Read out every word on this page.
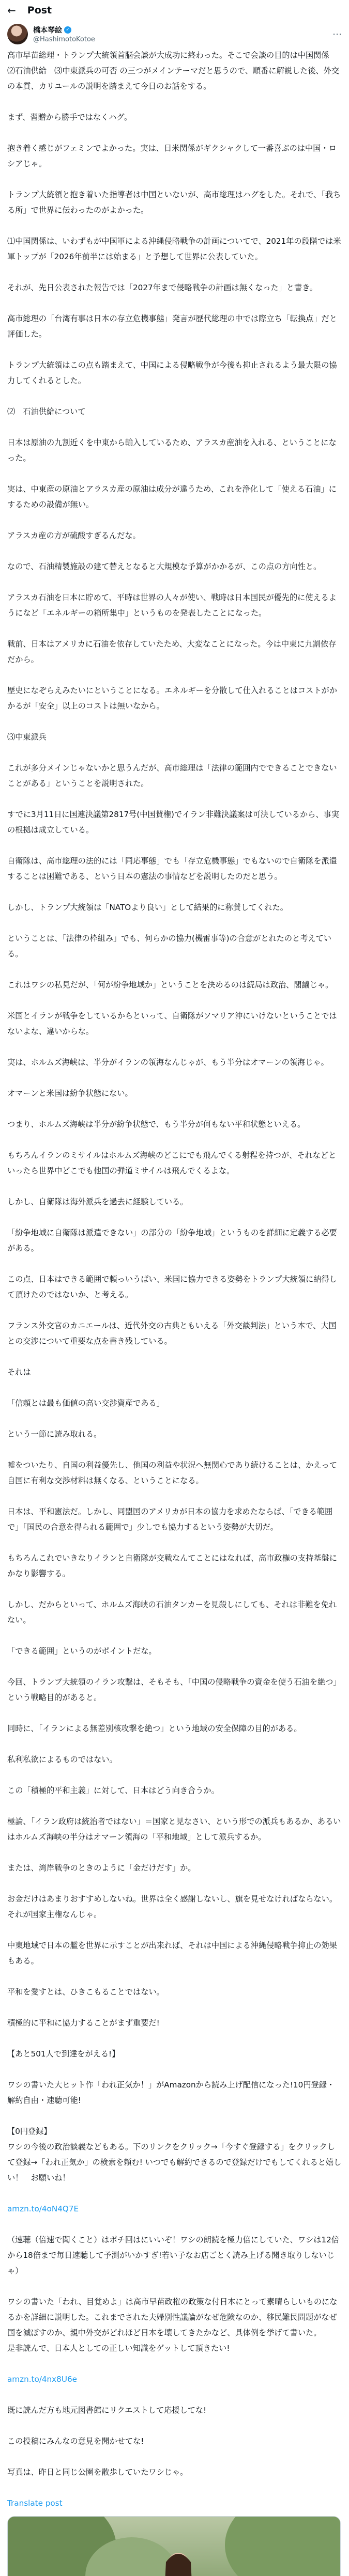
← Post
橋本琴絵 ✓
@HashimotoKotoe	⋯
高市早苗総理・トランプ大統領首脳会談が大成功に終わった。そこで会談の目的は中国関係　⑵石油供給　⑶中東派兵の可否 の三つがメインテーマだと思うので、順番に解説した後、外交の本質、カリユールの説明を踏まえて今日のお話をする。
まず、習贈から勝手ではなくハグ。
抱き着く感じがフェミンでよかった。実は、日米関係がギクシャクして一番喜ぶのは中国・ロシアじゃ。
トランプ大統領と抱き着いた指導者は中国といないが、高市総理はハグをした。それで、「我ちる所」で世界に伝わったのがよかった。
⑴中国関係は、いわずもが中国軍による沖縄侵略戦争の計画についてで、2021年の段階では米軍トップが「2026年前半には始まる」と予想して世界に公表していた。
それが、先日公表された報告では「2027年まで侵略戦争の計画は無くなった」と書き。
高市総理の「台湾有事は日本の存立危機事態」発言が歴代総理の中では際立ち「転換点」だと評価した。
トランプ大統領はこの点も踏まえて、中国による侵略戦争が今後も抑止されるよう最大限の協力してくれるとした。
⑵　石油供給について
日本は原油の九割近くを中東から輸入しているため、アラスカ産油を入れる、ということになった。
実は、中東産の原油とアラスカ産の原油は成分が違うため、これを浄化して「使える石油」にするための設備が無い。
アラスカ産の方が硫酸すぎるんだな。
なので、石油精製施設の建て替えとなると大規模な予算がかかるが、この点の方向性と。
アラスカ石油を日本に貯めて、平時は世界の人々が使い、戦時は日本国民が優先的に使えるようになど「エネルギーの箱所集中」というものを発表したことになった。
戦前、日本はアメリカに石油を依存していたため、大変なことになった。今は中東に九割依存だから。
歴史になぞらえみたいにということになる。エネルギーを分散して仕入れることはコストがかかるが「安全」以上のコストは無いなから。
⑶中東派兵
これが多分メインじゃないかと思うんだが、高市総理は「法律の範囲内でできることできないことがある」ということを説明された。
すでに3月11日に国連決議第2817号(中国賛権)でイラン非難決議案は可決しているから、事実の根拠は成立している。
自衛隊は、高市総理の法的には「同応事態」でも「存立危機事態」でもないので自衛隊を派遣することは困難である、という日本の憲法の事情などを説明したのだと思う。
しかし、トランプ大統領は「NATOより良い」として結果的に称賛してくれた。
ということは、「法律の枠組み」でも、何らかの協力(機雷事等)の合意がとれたのと考えている。
これはワシの私見だが、「何が紛争地域か」ということを決めるのは続局は政治、閣議じゃ。
米国とイランが戦争をしているからといって、自衛隊がソマリア沖にいけないということではないよな、違いからな。
実は、ホルムズ海峡は、半分がイランの領海なんじゃが、もう半分はオマーンの領海じゃ。
オマーンと米国は紛争状態にない。
つまり、ホルムズ海峡は半分が紛争状態で、もう半分が何もない平和状態といえる。
もちろんイランのミサイルはホルムズ海峡のどこにでも飛んでくる射程を持つが、それなどといったら世界中どこでも他国の弾道ミサイルは飛んでくるよな。
しかし、自衛隊は海外派兵を過去に経験している。
「紛争地域に自衛隊は派遣できない」の部分の「紛争地域」というものを詳細に定義する必要がある。
この点、日本はできる範囲で頼っいうぱい、米国に協力できる姿勢をトランプ大統領に納得して頂けたのではないか、と考える。
フランス外交官のカニエールは、近代外交の古典ともいえる「外交談判法」という本で、大国との交渉について重要な点を書き残している。
それは
「信頼とは最も価値の高い交渉資産である」
という一節に読み取れる。
嘘をついたり、自国の利益優先し、他国の利益や状況へ無関心であり続けることは、かえって自国に有利な交渉材料は無くなる、ということになる。
日本は、平和憲法だ。しかし、同盟国のアメリカが日本の協力を求めたならば、「できる範囲で」「国民の合意を得られる範囲で」少しでも協力するという姿勢が大切だ。
もちろんこれでいきなりイランと自衛隊が交戦なんてことにはなれば、高市政権の支持基盤にかなり影響する。
しかし、だからといって、ホルムズ海峡の石油タンカーを見殺しにしても、それは非難を免れない。
「できる範囲」というのがポイントだな。
今回、トランプ大統領のイラン攻撃は、そもそも、「中国の侵略戦争の資金を使う石油を絶つ」という戦略目的があると。
同時に、「イランによる無差別核攻撃を絶つ」という地域の安全保障の目的がある。
私利私欲によるものではない。
この「積極的平和主義」に対して、日本はどう向き合うか。
極論、「イラン政府は統治者ではない」＝国家と見なさい、という形での派兵もあるか、あるいはホルムズ海峡の半分はオマーン領海の「平和地域」として派兵するか。
または、湾岸戦争のときのように「金だけだす」か。
お金だけはあまりおすすめしないね。世界は全く感謝しないし、旗を見せなければならない。それが国家主権なんじゃ。
中東地域で日本の艦を世界に示すことが出来れば、それは中国による沖縄侵略戦争抑止の効果もある。
平和を愛すとは、ひきこもることではない。
積極的に平和に協力することがまず重要だ!
【あと501人で到達をがえる!】
ワシの書いた大ヒット作「われ正気か！」がAmazonから読み上げ配信になった!10円登録・解約自由・速聴可能!
【0円登録】
ワシの今後の政治談義などもある。下のリンクをクリック→「今すぐ登録する」をクリックして登録→「われ正気か」の検索を頼む! いつでも解約できるので登録だけでもしてくれると嬉しい！　お願いね！
amzn.to/4oN4Q7E
（速聴（倍速で聞くこと）はポチ回はにいいぞ！ワシの朗読を極力倍にしていた、ワシは12倍から18倍まで毎日速聴して予測がいかすぎ!若い子なお店ごとく読み上げる聞き取りしないじゃ）
ワシの書いた「われ、目覚めよ」は高市早苗政権の政策な付日本にとって素晴らしいものになるかを詳細に説明した。これまでされた夫婦別性議論がなぜ危険なのか、移民難民問題がなぜ国を滅ぼすのか、親中外交がどれほど日本を壊してきたかなど、具体例を挙げて書いた。
是非読んで、日本人としての正しい知識をゲットして頂きたい!
amzn.to/4nx8U6e
既に読んだ方も地元図書館にリクエストして応援してな!
この投稿にみんなの意見を聞かせてな!
写真は、昨日と同じ公園を散歩していたワシじゃ。
Translate post
